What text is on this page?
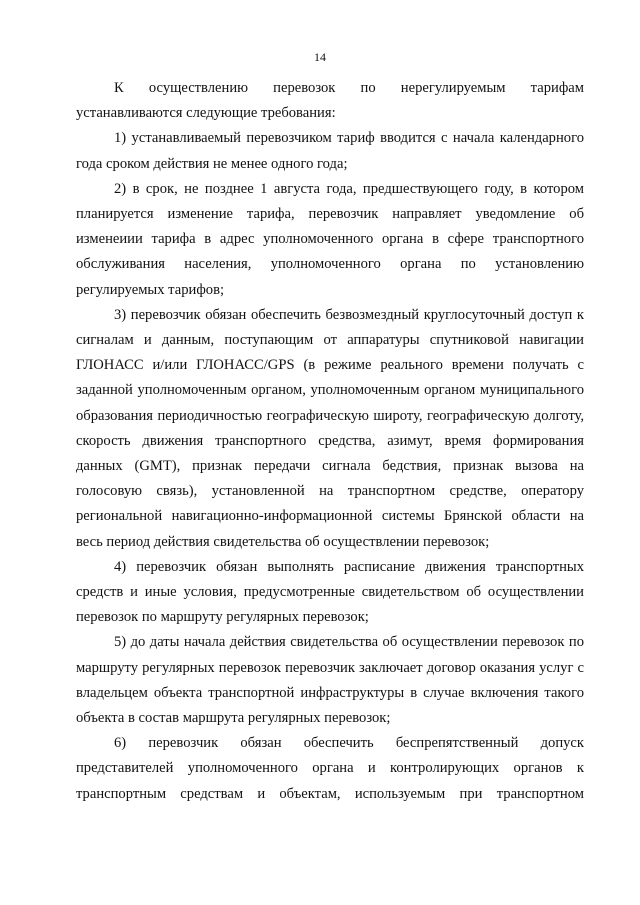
14

К осуществлению перевозок по нерегулируемым тарифам устанавливаются следующие требования:

1) устанавливаемый перевозчиком тариф вводится с начала календарного года сроком действия не менее одного года;

2) в срок, не позднее 1 августа года, предшествующего году, в котором планируется изменение тарифа, перевозчик направляет уведомление об изменеиии тарифа в адрес уполномоченного органа в сфере транспортного обслуживания населения, уполномоченного органа по установлению регулируемых тарифов;

3) перевозчик обязан обеспечить безвозмездный круглосуточный доступ к сигналам и данным, поступающим от аппаратуры спутниковой навигации ГЛОНАСС и/или ГЛОНАСС/GPS (в режиме реального времени получать с заданной уполномоченным органом, уполномоченным органом муниципального образования периодичностью географическую широту, географическую долготу, скорость движения транспортного средства, азимут, время формирования данных (GMT), признак передачи сигнала бедствия, признак вызова на голосовую связь), установленной на транспортном средстве, оператору региональной навигационно-информационной системы Брянской области на весь период действия свидетельства об осуществлении перевозок;

4) перевозчик обязан выполнять расписание движения транспортных средств и иные условия, предусмотренные свидетельством об осуществлении перевозок по маршруту регулярных перевозок;

5) до даты начала действия свидетельства об осуществлении перевозок по маршруту регулярных перевозок перевозчик заключает договор оказания услуг с владельцем объекта транспортной инфраструктуры в случае включения такого объекта в состав маршрута регулярных перевозок;

6) перевозчик обязан обеспечить беспрепятственный допуск представителей уполномоченного органа и контролирующих органов к транспортным средствам и объектам, используемым при транспортном
